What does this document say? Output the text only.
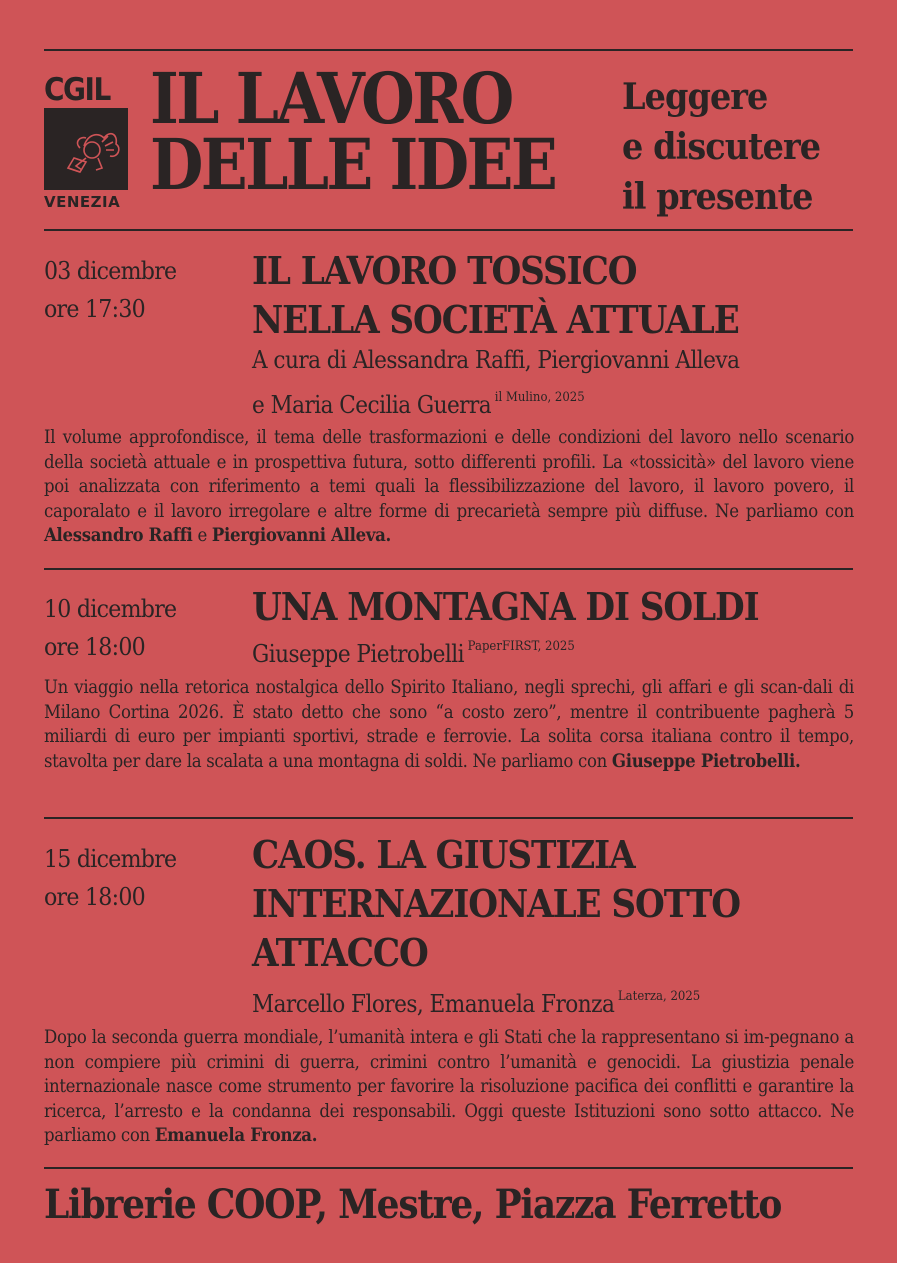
CGIL
VENEZIA
IL LAVORO
DELLE IDEE
Leggere
e discutere
il presente
03 dicembre
ore 17:30
IL LAVORO TOSSICO
NELLA SOCIETÀ ATTUALE
A cura di Alessandra Raffi, Piergiovanni Alleva
e Maria Cecilia Guerra $^{il Mulino, 2025}$
Il volume approfondisce, il tema delle trasformazioni e delle condizioni del lavoro nello scenario della società attuale e in prospettiva futura, sotto differenti profili. La «tossicità» del lavoro viene poi analizzata con riferimento a temi quali la flessibilizzazione del lavoro, il lavoro povero, il caporalato e il lavoro irregolare e altre forme di precarietà sempre più diffuse. Ne parliamo con Alessandro Raffi e Piergiovanni Alleva.
10 dicembre
ore 18:00
UNA MONTAGNA DI SOLDI
Giuseppe Pietrobelli $^{PaperFIRST, 2025}$
Un viaggio nella retorica nostalgica dello Spirito Italiano, negli sprechi, gli affari e gli scan-dali di Milano Cortina 2026. È stato detto che sono “a costo zero”, mentre il contribuente pagherà 5 miliardi di euro per impianti sportivi, strade e ferrovie. La solita corsa italiana contro il tempo, stavolta per dare la scalata a una montagna di soldi. Ne parliamo con Giuseppe Pietrobelli.
15 dicembre
ore 18:00
CAOS. LA GIUSTIZIA
INTERNAZIONALE SOTTO
ATTACCO
Marcello Flores, Emanuela Fronza $^{Laterza, 2025}$
Dopo la seconda guerra mondiale, l’umanità intera e gli Stati che la rappresentano si im-pegnano a non compiere più crimini di guerra, crimini contro l’umanità e genocidi. La giustizia penale internazionale nasce come strumento per favorire la risoluzione pacifica dei conflitti e garantire la ricerca, l’arresto e la condanna dei responsabili. Oggi queste Istituzioni sono sotto attacco. Ne parliamo con Emanuela Fronza.
Librerie COOP, Mestre, Piazza Ferretto
